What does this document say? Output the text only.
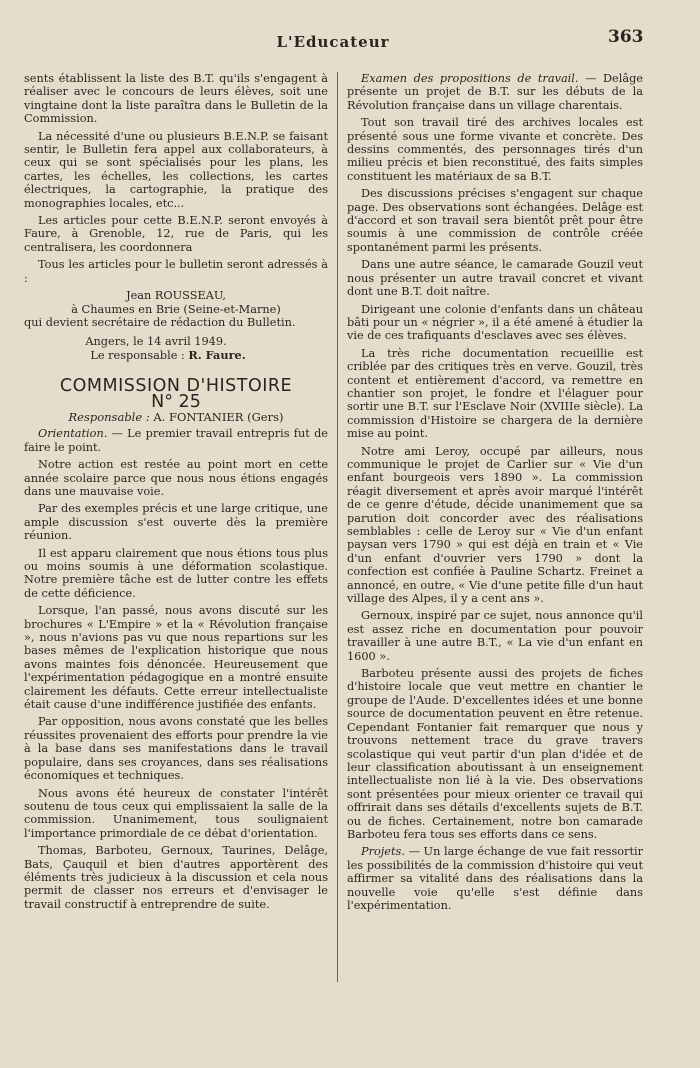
L'Educateur	363

sents établissent la liste des B.T. qu'ils s'engagent à réaliser avec le concours de leurs élèves, soit une vingtaine dont la liste paraîtra dans le Bulletin de la Commission.

La nécessité d'une ou plusieurs B.E.N.P. se faisant sentir, le Bulletin fera appel aux collaborateurs, à ceux qui se sont spécialisés pour les plans, les cartes, les échelles, les collections, les cartes électriques, la cartographie, la pratique des monographies locales, etc...

Les articles pour cette B.E.N.P. seront envoyés à Faure, à Grenoble, 12, rue de Paris, qui les centralisera, les coordonnera

Tous les articles pour le bulletin seront adressés à :

Jean ROUSSEAU,
à Chaumes en Brie (Seine-et-Marne)

qui devient secrétaire de rédaction du Bulletin.

Angers, le 14 avril 1949.
Le responsable : R. Faure.
COMMISSION D'HISTOIRE
N° 25
Responsable : A. FONTANIER (Gers)

Orientation. — Le premier travail entrepris fut de faire le point.

Notre action est restée au point mort en cette année scolaire parce que nous nous étions engagés dans une mauvaise voie.

Par des exemples précis et une large critique, une ample discussion s'est ouverte dès la première réunion.

Il est apparu clairement que nous étions tous plus ou moins soumis à une déformation scolastique. Notre première tâche est de lutter contre les effets de cette déficience.

Lorsque, l'an passé, nous avons discuté sur les brochures « L'Empire » et la « Révolution française », nous n'avions pas vu que nous repartions sur les bases mêmes de l'explication historique que nous avons maintes fois dénoncée. Heureusement que l'expérimentation pédagogique en a montré ensuite clairement les défauts. Cette erreur intellectualiste était cause d'une indifférence justifiée des enfants.

Par opposition, nous avons constaté que les belles réussites provenaient des efforts pour prendre la vie à la base dans ses manifestations dans le travail populaire, dans ses croyances, dans ses réalisations économiques et techniques.

Nous avons été heureux de constater l'intérêt soutenu de tous ceux qui emplissaient la salle de la commission. Unanimement, tous soulignaient l'importance primordiale de ce débat d'orientation.

Thomas, Barboteu, Gernoux, Taurines, Delâge, Bats, Çauquil et bien d'autres apportèrent des éléments très judicieux à la discussion et cela nous permit de classer nos erreurs et d'envisager le travail constructif à entreprendre de suite.

Examen des propositions de travail. — Delâge présente un projet de B.T. sur les débuts de la Révolution française dans un village charentais.

Tout son travail tiré des archives locales est présenté sous une forme vivante et concrète. Des dessins commentés, des personnages tirés d'un milieu précis et bien reconstitué, des faits simples constituent les matériaux de sa B.T.

Des discussions précises s'engagent sur chaque page. Des observations sont échangées. Delâge est d'accord et son travail sera bientôt prêt pour être soumis à une commission de contrôle créée spontanément parmi les présents.

Dans une autre séance, le camarade Gouzil veut nous présenter un autre travail concret et vivant dont une B.T. doit naître.

Dirigeant une colonie d'enfants dans un château bâti pour un « négrier », il a été amené à étudier la vie de ces trafiquants d'esclaves avec ses élèves.

La très riche documentation recueillie est criblée par des critiques très en verve. Gouzil, très content et entièrement d'accord, va remettre en chantier son projet, le fondre et l'élaguer pour sortir une B.T. sur l'Esclave Noir (XVIIIe siècle). La commission d'Histoire se chargera de la dernière mise au point.

Notre ami Leroy, occupé par ailleurs, nous communique le projet de Carlier sur « Vie d'un enfant bourgeois vers 1890 ». La commission réagit diversement et après avoir marqué l'intérêt de ce genre d'étude, décide unanimement que sa parution doit concorder avec des réalisations semblables : celle de Leroy sur « Vie d'un enfant paysan vers 1790 » qui est déjà en train et « Vie d'un enfant d'ouvrier vers 1790 » dont la confection est confiée à Pauline Schartz. Freinet a annoncé, en outre, « Vie d'une petite fille d'un haut village des Alpes, il y a cent ans ».

Gernoux, inspiré par ce sujet, nous annonce qu'il est assez riche en documentation pour pouvoir travailler à une autre B.T., « La vie d'un enfant en 1600 ».

Barboteu présente aussi des projets de fiches d'histoire locale que veut mettre en chantier le groupe de l'Aude. D'excellentes idées et une bonne source de documentation peuvent en être retenue. Cependant Fontanier fait remarquer que nous y trouvons nettement trace du grave travers scolastique qui veut partir d'un plan d'idée et de leur classification aboutissant à un enseignement intellectualiste non lié à la vie. Des observations sont présentées pour mieux orienter ce travail qui offrirait dans ses détails d'excellents sujets de B.T. ou de fiches. Certainement, notre bon camarade Barboteu fera tous ses efforts dans ce sens.

Projets. — Un large échange de vue fait ressortir les possibilités de la commission d'histoire qui veut affirmer sa vitalité dans des réalisations dans la nouvelle voie qu'elle s'est définie dans l'expérimentation.
